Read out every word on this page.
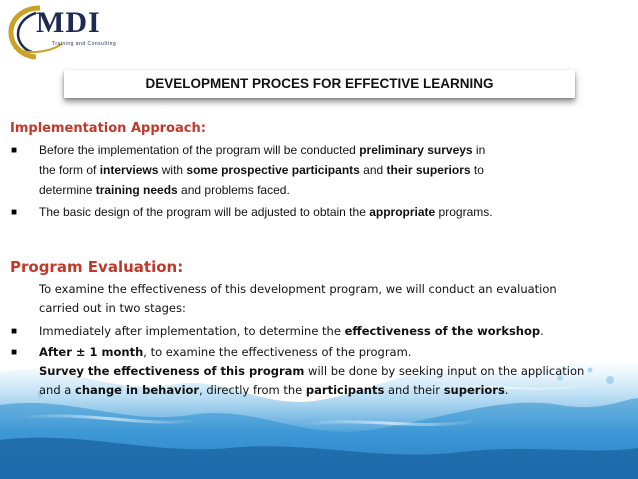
MDI
Training and Consulting
DEVELOPMENT PROCES FOR EFFECTIVE LEARNING
Implementation Approach:
■ Before the implementation of the program will be conducted preliminary surveys in
the form of interviews with some prospective participants and their superiors to
determine training needs and problems faced.
■ The basic design of the program will be adjusted to obtain the appropriate programs.
Program Evaluation:
To examine the effectiveness of this development program, we will conduct an evaluation
carried out in two stages:
■ Immediately after implementation, to determine the effectiveness of the workshop.
■ After ± 1 month, to examine the effectiveness of the program.
Survey the effectiveness of this program will be done by seeking input on the application
and a change in behavior, directly from the participants and their superiors.
